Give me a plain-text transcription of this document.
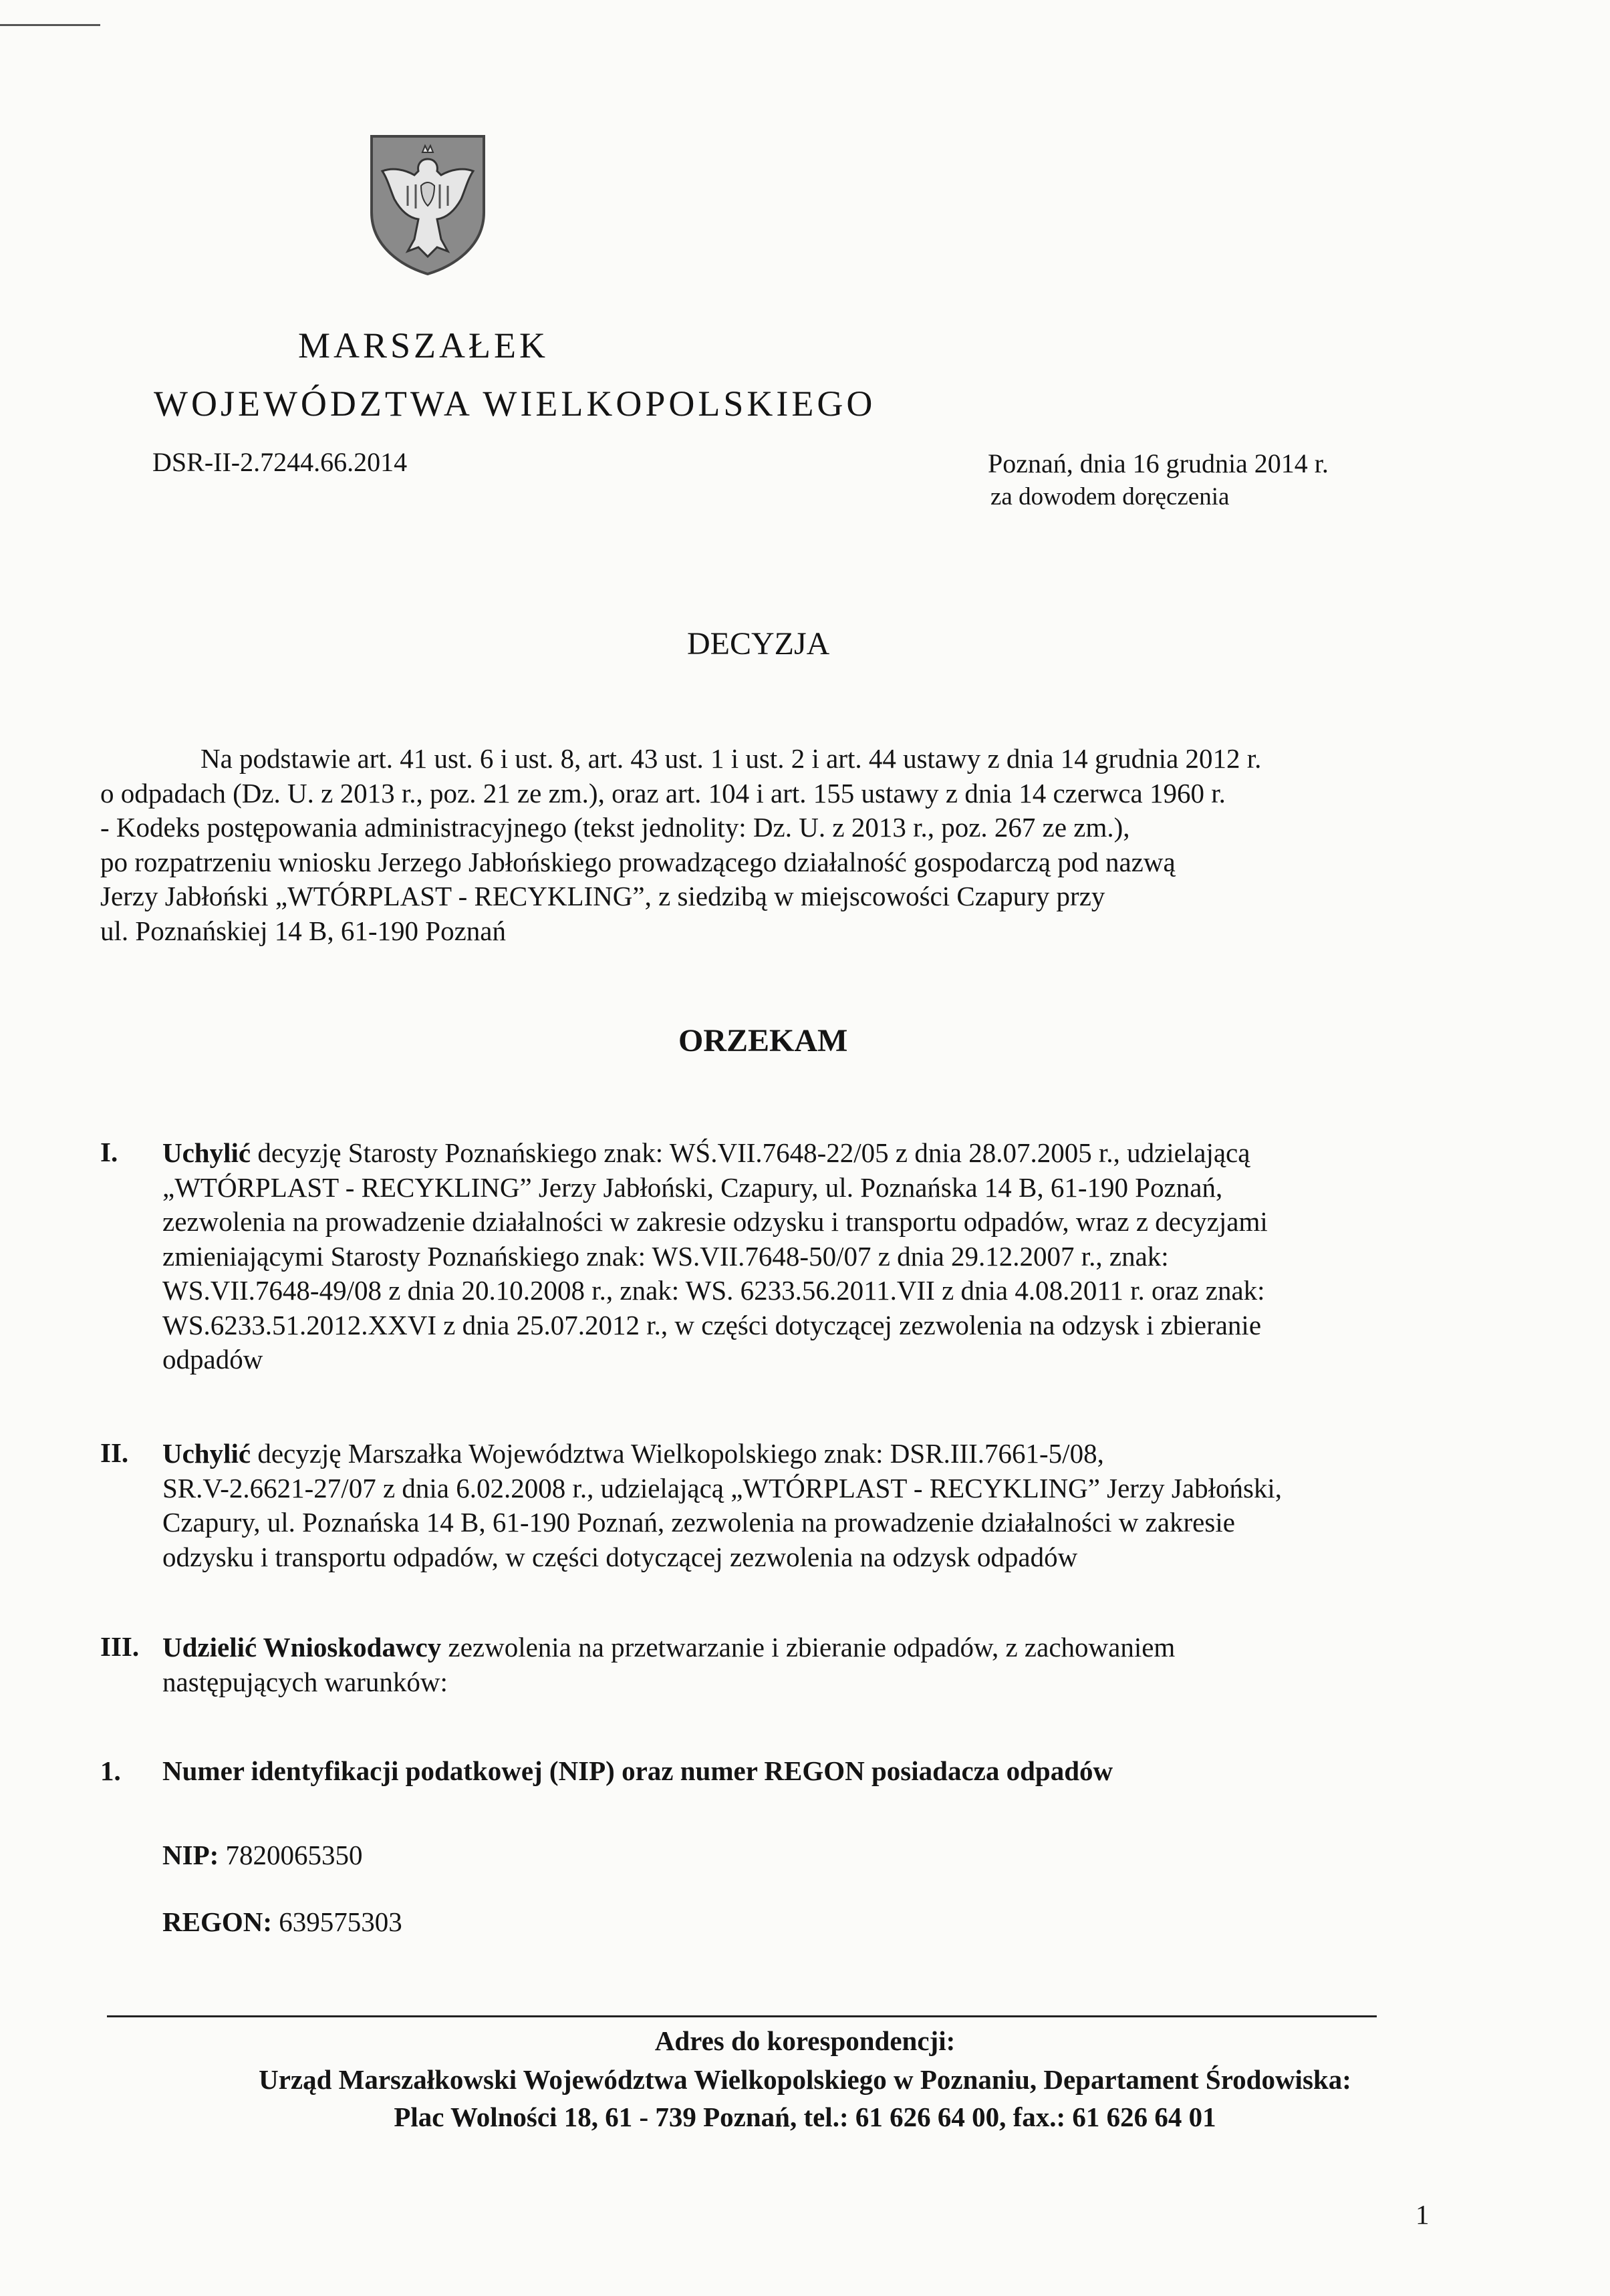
MARSZAŁEK

WOJEWÓDZTWA WIELKOPOLSKIEGO

DSR-II-2.7244.66.2014	Poznań, dnia 16 grudnia 2014 r.

za dowodem doręczenia

DECYZJA

Na podstawie art. 41 ust. 6 i ust. 8, art. 43 ust. 1 i ust. 2 i art. 44 ustawy z dnia 14 grudnia 2012 r.
o odpadach (Dz. U. z 2013 r., poz. 21 ze zm.), oraz art. 104 i art. 155 ustawy z dnia 14 czerwca 1960 r.
- Kodeks postępowania administracyjnego (tekst jednolity: Dz. U. z 2013 r., poz. 267 ze zm.),
po rozpatrzeniu wniosku Jerzego Jabłońskiego prowadzącego działalność gospodarczą pod nazwą
Jerzy Jabłoński „WTÓRPLAST - RECYKLING”, z siedzibą w miejscowości Czapury przy
ul. Poznańskiej 14 B, 61-190 Poznań

ORZEKAM

I. Uchylić decyzję Starosty Poznańskiego znak: WŚ.VII.7648-22/05 z dnia 28.07.2005 r., udzielającą
„WTÓRPLAST - RECYKLING” Jerzy Jabłoński, Czapury, ul. Poznańska 14 B, 61-190 Poznań,
zezwolenia na prowadzenie działalności w zakresie odzysku i transportu odpadów, wraz z decyzjami
zmieniającymi Starosty Poznańskiego znak: WS.VII.7648-50/07 z dnia 29.12.2007 r., znak:
WS.VII.7648-49/08 z dnia 20.10.2008 r., znak: WS. 6233.56.2011.VII z dnia 4.08.2011 r. oraz znak:
WS.6233.51.2012.XXVI z dnia 25.07.2012 r., w części dotyczącej zezwolenia na odzysk i zbieranie
odpadów

II. Uchylić decyzję Marszałka Województwa Wielkopolskiego znak: DSR.III.7661-5/08,
SR.V-2.6621-27/07 z dnia 6.02.2008 r., udzielającą „WTÓRPLAST - RECYKLING” Jerzy Jabłoński,
Czapury, ul. Poznańska 14 B, 61-190 Poznań, zezwolenia na prowadzenie działalności w zakresie
odzysku i transportu odpadów, w części dotyczącej zezwolenia na odzysk odpadów

III. Udzielić Wnioskodawcy zezwolenia na przetwarzanie i zbieranie odpadów, z zachowaniem
następujących warunków:

1. Numer identyfikacji podatkowej (NIP) oraz numer REGON posiadacza odpadów

NIP: 7820065350

REGON: 639575303

Adres do korespondencji:

Urząd Marszałkowski Województwa Wielkopolskiego w Poznaniu, Departament Środowiska:

Plac Wolności 18, 61 - 739 Poznań, tel.: 61 626 64 00, fax.: 61 626 64 01

1
